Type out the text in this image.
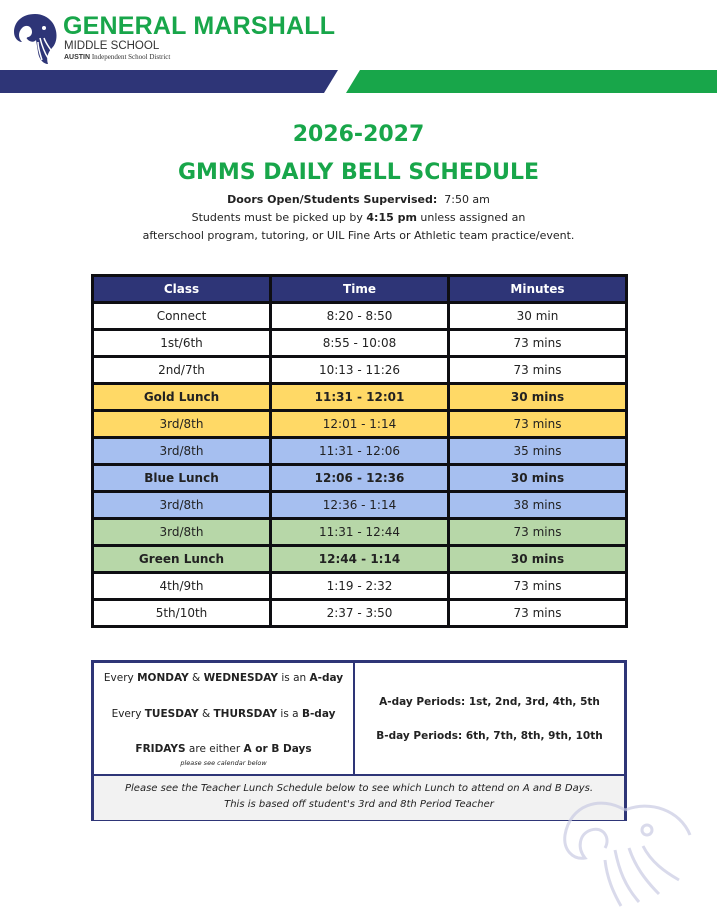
GENERAL MARSHALL
MIDDLE SCHOOL
AUSTIN Independent School District
2026-2027
GMMS DAILY BELL SCHEDULE
Doors Open/Students Supervised: 7:50 am
Students must be picked up by 4:15 pm unless assigned an
afterschool program, tutoring, or UIL Fine Arts or Athletic team practice/event.
Class	Time	Minutes
Connect	8:20 - 8:50	30 min
1st/6th	8:55 - 10:08	73 mins
2nd/7th	10:13 - 11:26	73 mins
Gold Lunch	11:31 - 12:01	30 mins
3rd/8th	12:01 - 1:14	73 mins
3rd/8th	11:31 - 12:06	35 mins
Blue Lunch	12:06 - 12:36	30 mins
3rd/8th	12:36 - 1:14	38 mins
3rd/8th	11:31 - 12:44	73 mins
Green Lunch	12:44 - 1:14	30 mins
4th/9th	1:19 - 2:32	73 mins
5th/10th	2:37 - 3:50	73 mins
Every MONDAY & WEDNESDAY is an A-day
Every TUESDAY & THURSDAY is a B-day
FRIDAYS are either A or B Days
please see calendar below
A-day Periods: 1st, 2nd, 3rd, 4th, 5th
B-day Periods: 6th, 7th, 8th, 9th, 10th
Please see the Teacher Lunch Schedule below to see which Lunch to attend on A and B Days.
This is based off student's 3rd and 8th Period Teacher
